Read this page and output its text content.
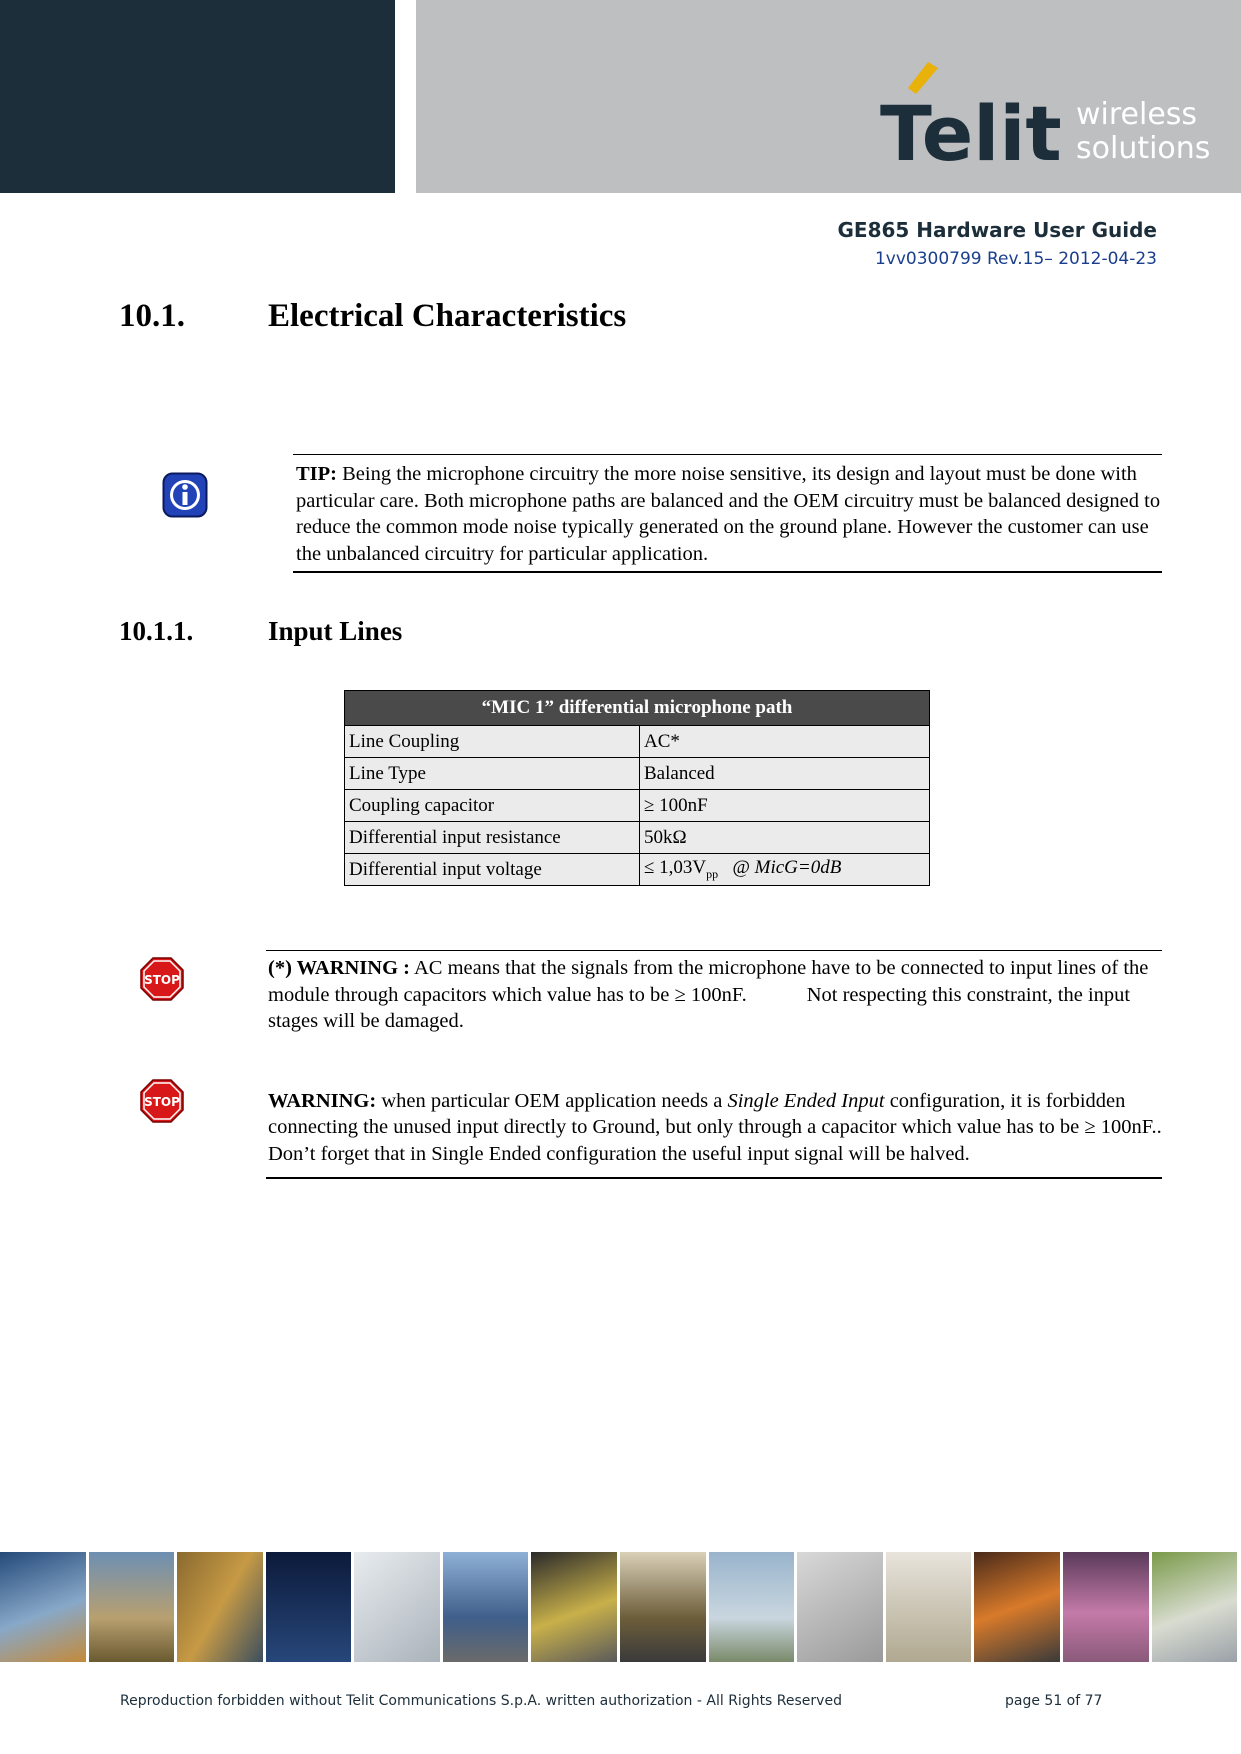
Telit wireless
solutions
GE865 Hardware User Guide
1vv0300799 Rev.15– 2012-04-23
10.1.	Electrical Characteristics
TIP: Being the microphone circuitry the more noise sensitive, its design and layout must be done with particular care. Both microphone paths are balanced and the OEM circuitry must be balanced designed to reduce the common mode noise typically generated on the ground plane. However the customer can use the unbalanced circuitry for particular application.
10.1.1.	Input Lines
“MIC 1” differential microphone path	
Line Coupling	AC*
Line Type	Balanced
Coupling capacitor	≥ 100nF
Differential input resistance	50kΩ
Differential input voltage	≤ $1,03V_{pp}$ @ MicG=0dB
STOP
STOP
(*) WARNING : AC means that the signals from the microphone have to be connected to input lines of the module through capacitors which value has to be ≥ 100nF.	Not respecting this constraint, the input stages will be damaged.
WARNING: when particular OEM application needs a Single Ended Input configuration, it is forbidden connecting the unused input directly to Ground, but only through a capacitor which value has to be ≥ 100nF..
Don’t forget that in Single Ended configuration the useful input signal will be halved.
Reproduction forbidden without Telit Communications S.p.A. written authorization - All Rights Reserved	page 51 of 77
